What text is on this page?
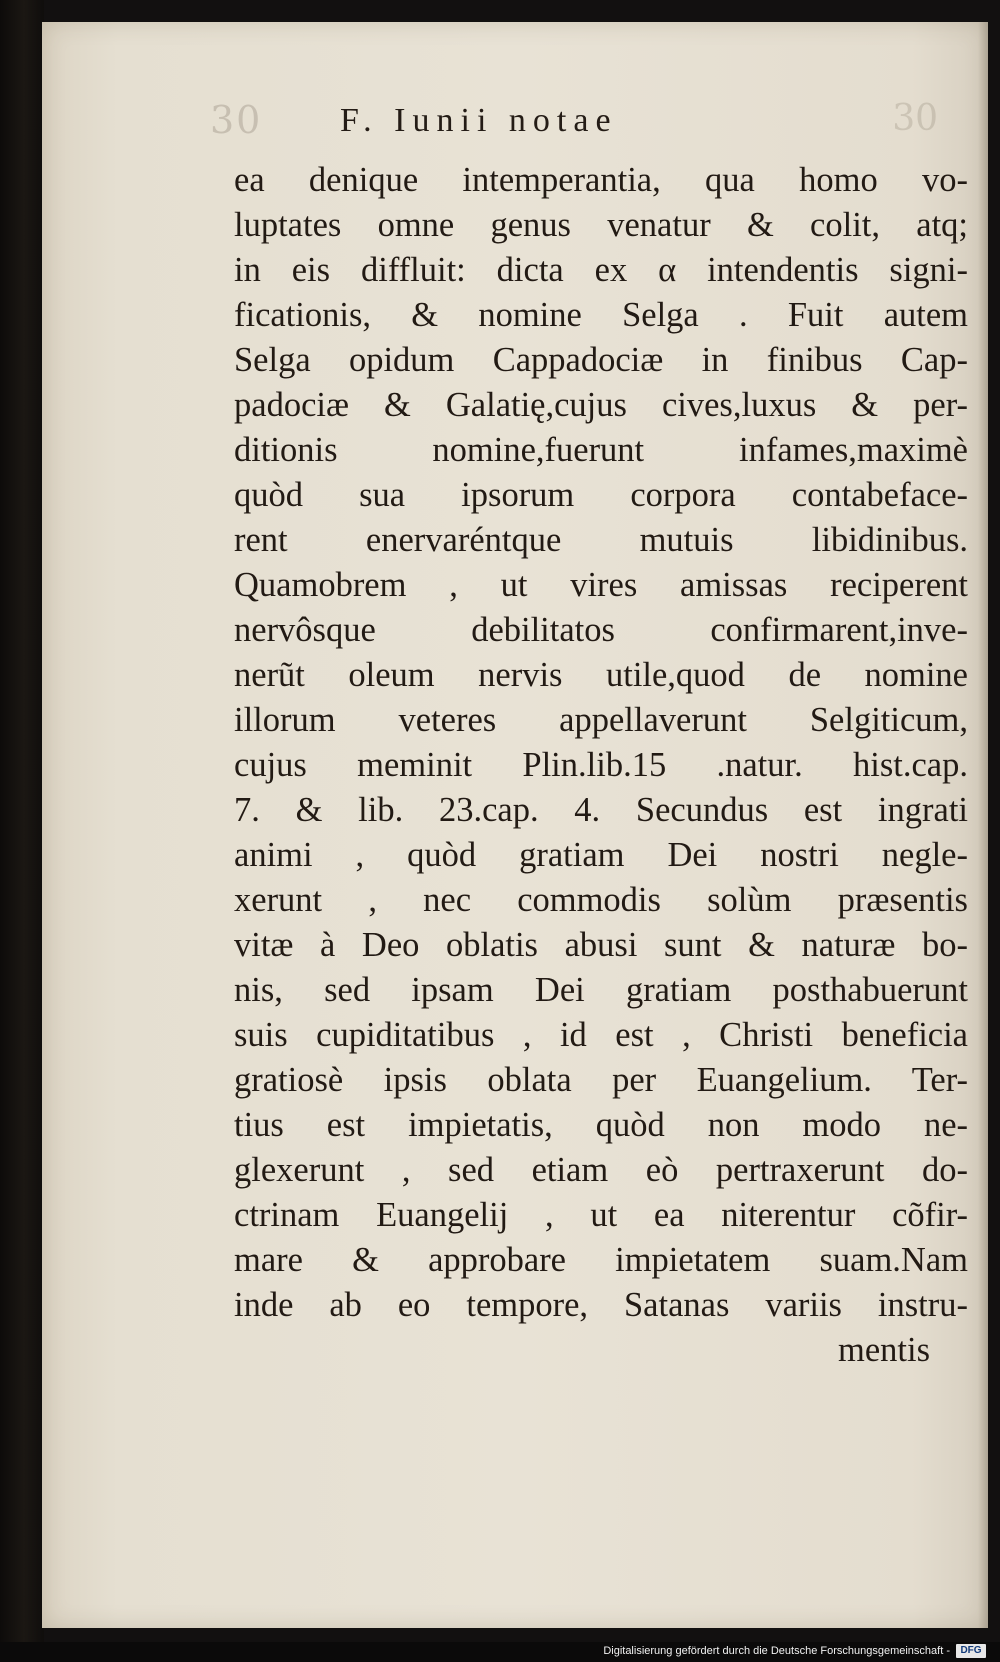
30	30
F. Iunii notae
ea denique intemperantia, qua homo vo-
luptates omne genus venatur & colit, atq;
in eis diffluit: dicta ex α intendentis signi-
ficationis, & nomine Selga . Fuit autem
Selga opidum Cappadociæ in finibus Cap-
padociæ & Galatię,cujus cives,luxus & per-
ditionis nomine,fuerunt infames,maximè
quòd sua ipsorum corpora contabeface-
rent enervaréntque mutuis libidinibus.
Quamobrem , ut vires amissas reciperent
nervôsque debilitatos confirmarent,inve-
nerũt oleum nervis utile,quod de nomine
illorum veteres appellaverunt Selgiticum,
cujus meminit Plin.lib.15 .natur. hist.cap.
7. & lib. 23.cap. 4. Secundus est ingrati
animi , quòd gratiam Dei nostri negle-
xerunt , nec commodis solùm præsentis
vitæ à Deo oblatis abusi sunt & naturæ bo-
nis, sed ipsam Dei gratiam posthabuerunt
suis cupiditatibus , id est , Christi beneficia
gratiosè ipsis oblata per Euangelium. Ter-
tius est impietatis, quòd non modo ne-
glexerunt , sed etiam eò pertraxerunt do-
ctrinam Euangelij , ut ea niterentur cõfir-
mare & approbare impietatem suam.Nam
inde ab eo tempore, Satanas variis instru-
mentis
Digitalisierung gefördert durch die Deutsche Forschungsgemeinschaft -	DFG
